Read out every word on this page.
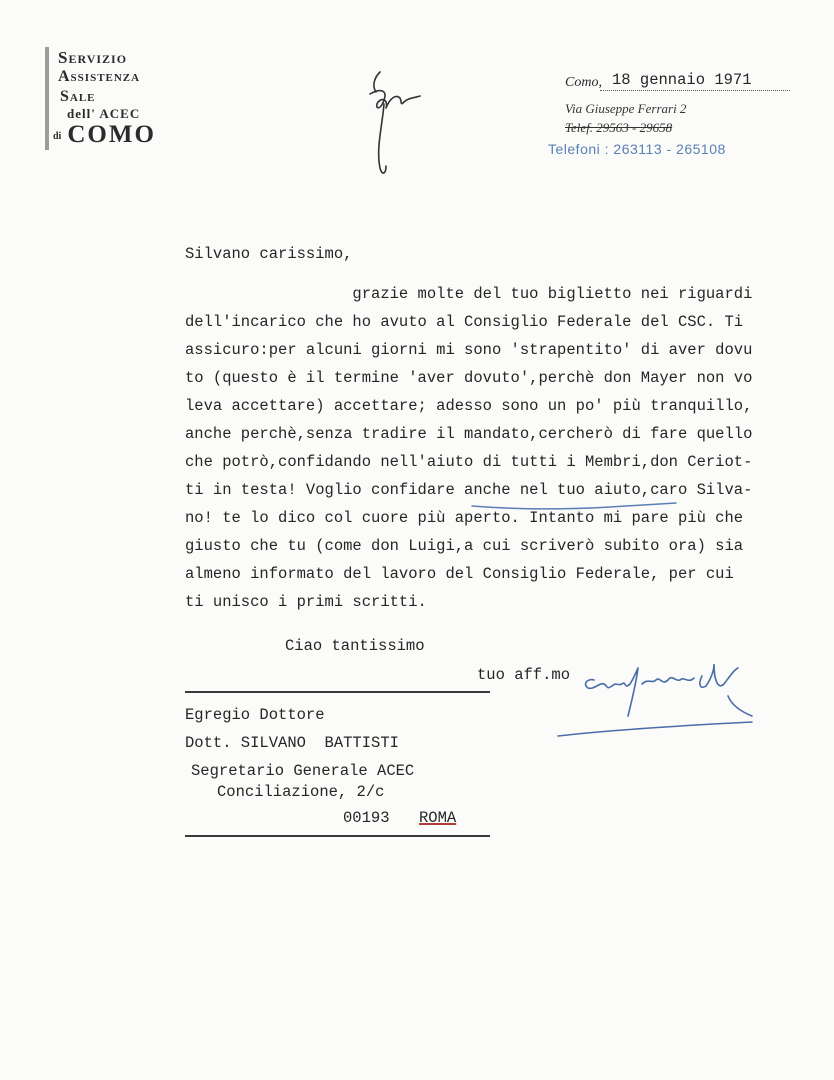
Servizio
Assistenza
Sale
dell' ACEC
di COMO
Como, 18 gennaio 1971
Via Giuseppe Ferrari 2
Telef. 29563 - 29658
Telefoni : 263113 - 265108
Silvano carissimo,
grazie molte del tuo biglietto nei riguardi
dell'incarico che ho avuto al Consiglio Federale del CSC. Ti
assicuro:per alcuni giorni mi sono 'strapentito' di aver dovu
to (questo è il termine 'aver dovuto',perchè don Mayer non vo
leva accettare) accettare; adesso sono un po' più tranquillo,
anche perchè,senza tradire il mandato,cercherò di fare quello
che potrò,confidando nell'aiuto di tutti i Membri,don Ceriot-
ti in testa! Voglio confidare anche nel tuo aiuto,caro Silva-
no! te lo dico col cuore più aperto. Intanto mi pare più che
giusto che tu (come don Luigi,a cui scriverò subito ora) sia
almeno informato del lavoro del Consiglio Federale, per cui
ti unisco i primi scritti.
Ciao tantissimo
tuo aff.mo
Egregio Dottore
Dott. SILVANO  BATTISTI
Segretario Generale ACEC
Conciliazione, 2/c
00193 ROMA
